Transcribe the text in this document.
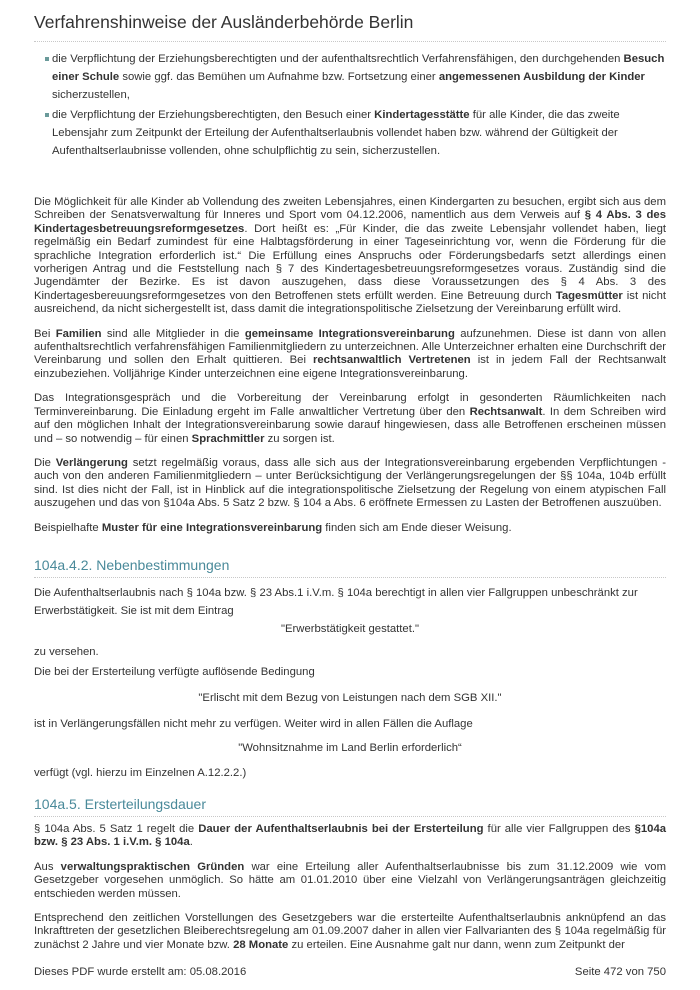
Verfahrenshinweise der Ausländerbehörde Berlin
die Verpflichtung der Erziehungsberechtigten und der aufenthaltsrechtlich Verfahrensfähigen, den durchgehenden Besuch einer Schule sowie ggf. das Bemühen um Aufnahme bzw. Fortsetzung einer angemessenen Ausbildung der Kinder sicherzustellen,
die Verpflichtung der Erziehungsberechtigten, den Besuch einer Kindertagesstätte für alle Kinder, die das zweite Lebensjahr zum Zeitpunkt der Erteilung der Aufenthaltserlaubnis vollendet haben bzw. während der Gültigkeit der Aufenthaltserlaubnisse vollenden, ohne schulpflichtig zu sein, sicherzustellen.

Die Möglichkeit für alle Kinder ab Vollendung des zweiten Lebensjahres, einen Kindergarten zu besuchen, ergibt sich aus dem Schreiben der Senatsverwaltung für Inneres und Sport vom 04.12.2006, namentlich aus dem Verweis auf § 4 Abs. 3 des Kindertagesbetreuungsreformgesetzes. Dort heißt es: „Für Kinder, die das zweite Lebensjahr vollendet haben, liegt regelmäßig ein Bedarf zumindest für eine Halbtagsförderung in einer Tageseinrichtung vor, wenn die Förderung für die sprachliche Integration erforderlich ist.“ Die Erfüllung eines Anspruchs oder Förderungsbedarfs setzt allerdings einen vorherigen Antrag und die Feststellung nach § 7 des Kindertagesbetreuungsreformgesetzes voraus. Zuständig sind die Jugendämter der Bezirke. Es ist davon auszugehen, dass diese Voraussetzungen des § 4 Abs. 3 des Kindertagesbereuungsreformgesetzes von den Betroffenen stets erfüllt werden. Eine Betreuung durch Tagesmütter ist nicht ausreichend, da nicht sichergestellt ist, dass damit die integrationspolitische Zielsetzung der Vereinbarung erfüllt wird.

Bei Familien sind alle Mitglieder in die gemeinsame Integrationsvereinbarung aufzunehmen. Diese ist dann von allen aufenthaltsrechtlich verfahrensfähigen Familienmitgliedern zu unterzeichnen. Alle Unterzeichner erhalten eine Durchschrift der Vereinbarung und sollen den Erhalt quittieren. Bei rechtsanwaltlich Vertretenen ist in jedem Fall der Rechtsanwalt einzubeziehen. Volljährige Kinder unterzeichnen eine eigene Integrationsvereinbarung.

Das Integrationsgespräch und die Vorbereitung der Vereinbarung erfolgt in gesonderten Räumlichkeiten nach Terminvereinbarung. Die Einladung ergeht im Falle anwaltlicher Vertretung über den Rechtsanwalt. In dem Schreiben wird auf den möglichen Inhalt der Integrationsvereinbarung sowie darauf hingewiesen, dass alle Betroffenen erscheinen müssen und – so notwendig – für einen Sprachmittler zu sorgen ist.

Die Verlängerung setzt regelmäßig voraus, dass alle sich aus der Integrationsvereinbarung ergebenden Verpflichtungen - auch von den anderen Familienmitgliedern – unter Berücksichtigung der Verlängerungsregelungen der §§ 104a, 104b erfüllt sind. Ist dies nicht der Fall, ist in Hinblick auf die integrationspolitische Zielsetzung der Regelung von einem atypischen Fall auszugehen und das von §104a Abs. 5 Satz 2 bzw. § 104 a Abs. 6 eröffnete Ermessen zu Lasten der Betroffenen auszuüben.

Beispielhafte Muster für eine Integrationsvereinbarung finden sich am Ende dieser Weisung.

104a.4.2. Nebenbestimmungen

Die Aufenthaltserlaubnis nach § 104a bzw. § 23 Abs.1 i.V.m. § 104a berechtigt in allen vier Fallgruppen unbeschränkt zur Erwerbstätigkeit. Sie ist mit dem Eintrag

"Erwerbstätigkeit gestattet."

zu versehen.

Die bei der Ersterteilung verfügte auflösende Bedingung

"Erlischt mit dem Bezug von Leistungen nach dem SGB XII."

ist in Verlängerungsfällen nicht mehr zu verfügen. Weiter wird in allen Fällen die Auflage

"Wohnsitznahme im Land Berlin erforderlich“

verfügt (vgl. hierzu im Einzelnen A.12.2.2.)

104a.5. Ersterteilungsdauer

§ 104a Abs. 5 Satz 1 regelt die Dauer der Aufenthaltserlaubnis bei der Ersterteilung für alle vier Fallgruppen des §104a bzw. § 23 Abs. 1 i.V.m. § 104a.

Aus verwaltungspraktischen Gründen war eine Erteilung aller Aufenthaltserlaubnisse bis zum 31.12.2009 wie vom Gesetzgeber vorgesehen unmöglich. So hätte am 01.01.2010 über eine Vielzahl von Verlängerungsanträgen gleichzeitig entschieden werden müssen.

Entsprechend den zeitlichen Vorstellungen des Gesetzgebers war die ersterteilte Aufenthaltserlaubnis anknüpfend an das Inkrafttreten der gesetzlichen Bleiberechtsregelung am 01.09.2007 daher in allen vier Fallvarianten des § 104a regelmäßig für zunächst 2 Jahre und vier Monate bzw. 28 Monate zu erteilen. Eine Ausnahme galt nur dann, wenn zum Zeitpunkt der

Dieses PDF wurde erstellt am: 05.08.2016	Seite 472 von 750
